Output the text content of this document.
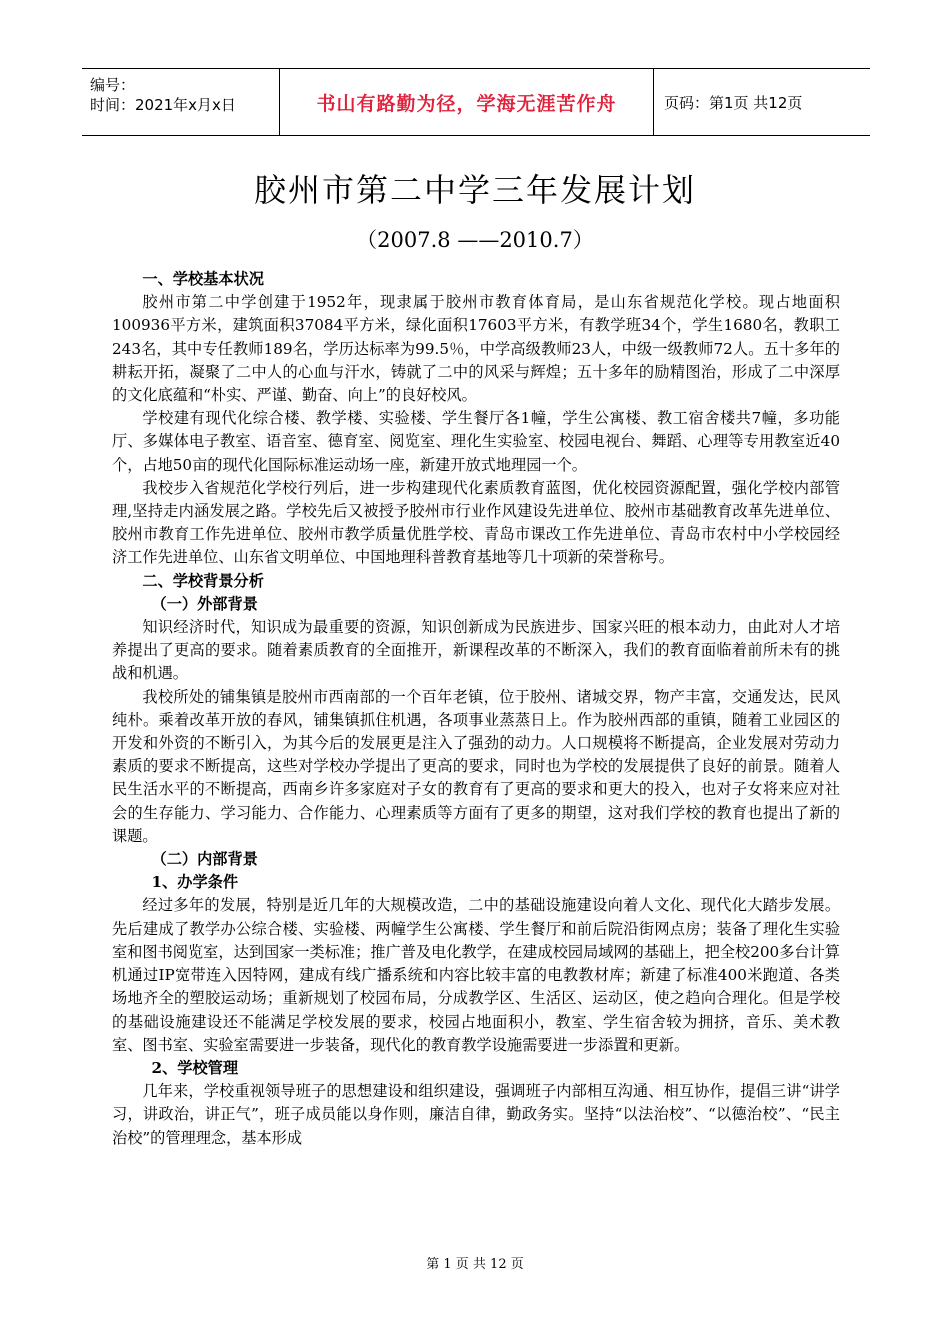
编号：
时间：2021年x月x日	书山有路勤为径，学海无涯苦作舟	页码：第1页 共12页
胶州市第二中学三年发展计划
（2007.8 ——2010.7）
一、学校基本状况

胶州市第二中学创建于1952年，现隶属于胶州市教育体育局，是山东省规范化学校。现占地面积100936平方米，建筑面积37084平方米，绿化面积17603平方米，有教学班34个，学生1680名，教职工243名，其中专任教师189名，学历达标率为99.5％，中学高级教师23人，中级一级教师72人。五十多年的耕耘开拓，凝聚了二中人的心血与汗水，铸就了二中的风采与辉煌；五十多年的励精图治，形成了二中深厚的文化底蕴和“朴实、严谨、勤奋、向上”的良好校风。

学校建有现代化综合楼、教学楼、实验楼、学生餐厅各1幢，学生公寓楼、教工宿舍楼共7幢，多功能厅、多媒体电子教室、语音室、德育室、阅览室、理化生实验室、校园电视台、舞蹈、心理等专用教室近40个，占地50亩的现代化国际标准运动场一座，新建开放式地理园一个。

我校步入省规范化学校行列后，进一步构建现代化素质教育蓝图，优化校园资源配置，强化学校内部管理,坚持走内涵发展之路。学校先后又被授予胶州市行业作风建设先进单位、胶州市基础教育改革先进单位、胶州市教育工作先进单位、胶州市教学质量优胜学校、青岛市课改工作先进单位、青岛市农村中小学校园经济工作先进单位、山东省文明单位、中国地理科普教育基地等几十项新的荣誉称号。

二、学校背景分析
（一）外部背景

知识经济时代，知识成为最重要的资源，知识创新成为民族进步、国家兴旺的根本动力，由此对人才培养提出了更高的要求。随着素质教育的全面推开，新课程改革的不断深入，我们的教育面临着前所未有的挑战和机遇。

我校所处的铺集镇是胶州市西南部的一个百年老镇，位于胶州、诸城交界，物产丰富，交通发达，民风纯朴。乘着改革开放的春风，铺集镇抓住机遇，各项事业蒸蒸日上。作为胶州西部的重镇，随着工业园区的开发和外资的不断引入，为其今后的发展更是注入了强劲的动力。人口规模将不断提高，企业发展对劳动力素质的要求不断提高，这些对学校办学提出了更高的要求，同时也为学校的发展提供了良好的前景。随着人民生活水平的不断提高，西南乡许多家庭对子女的教育有了更高的要求和更大的投入，也对子女将来应对社会的生存能力、学习能力、合作能力、心理素质等方面有了更多的期望，这对我们学校的教育也提出了新的课题。

（二）内部背景
1、办学条件

经过多年的发展，特别是近几年的大规模改造，二中的基础设施建设向着人文化、现代化大踏步发展。先后建成了教学办公综合楼、实验楼、两幢学生公寓楼、学生餐厅和前后院沿街网点房；装备了理化生实验室和图书阅览室，达到国家一类标准；推广普及电化教学，在建成校园局域网的基础上，把全校200多台计算机通过IP宽带连入因特网，建成有线广播系统和内容比较丰富的电教教材库；新建了标准400米跑道、各类场地齐全的塑胶运动场；重新规划了校园布局，分成教学区、生活区、运动区，使之趋向合理化。但是学校的基础设施建设还不能满足学校发展的要求，校园占地面积小，教室、学生宿舍较为拥挤，音乐、美术教室、图书室、实验室需要进一步装备，现代化的教育教学设施需要进一步添置和更新。

2、学校管理

几年来，学校重视领导班子的思想建设和组织建设，强调班子内部相互沟通、相互协作，提倡三讲“讲学习，讲政治，讲正气”，班子成员能以身作则，廉洁自律，勤政务实。坚持“以法治校”、“以德治校”、“民主治校”的管理理念，基本形成

第 1 页 共 12 页
